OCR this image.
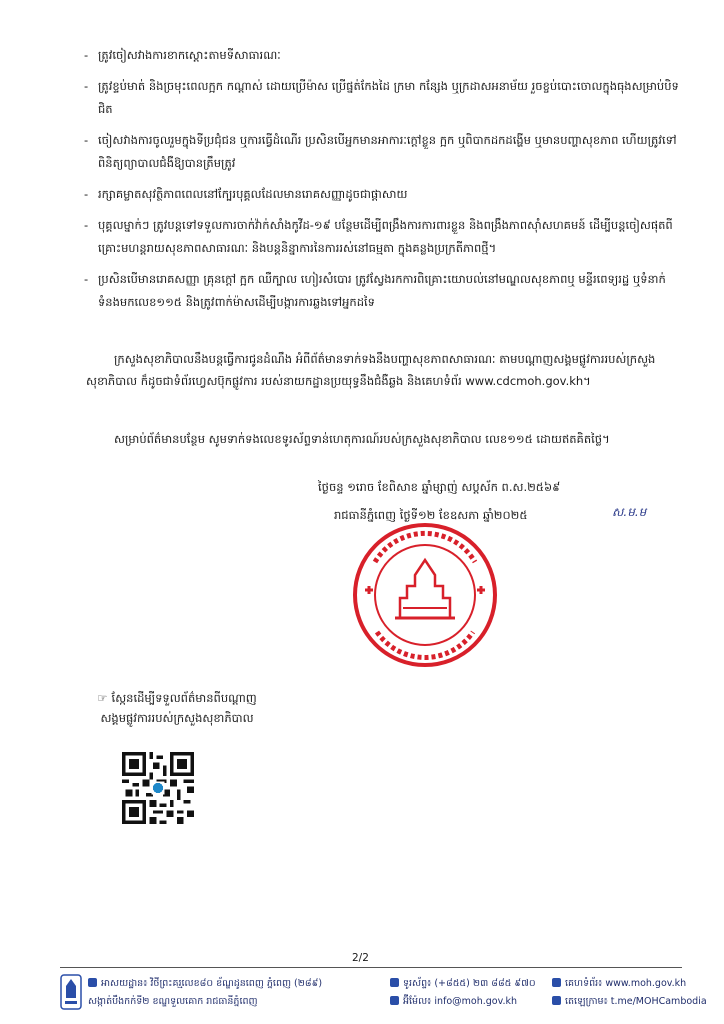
- ត្រូវចៀសវាងការខាកស្ដោះតាមទីសាធារណៈ
- ត្រូវខ្ទប់មាត់ និងច្រមុះពេលក្អក កណ្ដាស់ ដោយប្រើម៉ាស ប្រើផ្នត់កែងដៃ ក្រមា កន្សែង ឬក្រដាសអនាម័យ រួចខ្ចប់បោះចោលក្នុងធុងសម្រាប់បិទជិត
- ចៀសវាងការចូលរួមក្នុងទីប្រជុំជន ឬការធ្វើដំណើរ ប្រសិនបើអ្នកមានអាការៈក្ដៅខ្លួន ក្អក ឬពិបាកដកដង្ហើម ឬមានបញ្ហាសុខភាព ហើយត្រូវទៅពិនិត្យព្យាបាលជំងឺឱ្យបានត្រឹមត្រូវ
- រក្សាគម្លាតសុវត្ថិភាពពេលនៅក្បែរបុគ្គលដែលមានរោគសញ្ញាដូចជាផ្ដាសាយ
- បុគ្គលម្នាក់ៗ ត្រូវបន្តទៅទទួលការចាក់វ៉ាក់សាំងកូវីដ-១៩ បន្ថែមដើម្បីពង្រឹងការការពារខ្លួន និងពង្រឹងភាពស៊ាំសហគមន៍ ដើម្បីបន្តចៀសផុតពីគ្រោះមហន្តរាយសុខភាពសាធារណៈ និងបន្តនិន្នាការនៃការរស់នៅធម្មតា ក្នុងគន្លងប្រក្រតីភាពថ្មី។
- ប្រសិនបើមានរោគសញ្ញា គ្រុនក្ដៅ ក្អក ឈឺក្បាល ហៀរសំបោរ ត្រូវស្វែងរកការពិគ្រោះយោបល់នៅមណ្ឌលសុខភាពឬ មន្ទីរពេទ្យរដ្ឋ ឬទំនាក់ទំនងមកលេខ១១៥ និងត្រូវពាក់ម៉ាសដើម្បីបង្ការការឆ្លងទៅអ្នកដទៃ

ក្រសួងសុខាភិបាលនឹងបន្តធ្វើការជូនដំណឹង អំពីព័ត៌មានទាក់ទងនឹងបញ្ហាសុខភាពសាធារណៈ តាមបណ្ដាញសង្គមផ្លូវការរបស់ក្រសួងសុខាភិបាល ក៏ដូចជាទំព័រហ្វេសប៊ុកផ្លូវការ របស់នាយកដ្ឋានប្រយុទ្ធនឹងជំងឺឆ្លង និងគេហទំព័រ www.cdcmoh.gov.kh។

សម្រាប់ព័ត៌មានបន្ថែម សូមទាក់ទងលេខទូរស័ព្ទទាន់ហេតុការណ៍របស់ក្រសួងសុខាភិបាល លេខ១១៥ ដោយឥតគិតថ្លៃ។

ថ្ងៃចន្ទ ១រោច ខែពិសាខ ឆ្នាំម្សាញ់ សប្តស័ក ព.ស.២៥៦៩
រាជធានីភ្នំពេញ ថ្ងៃទី១២ ខែឧសភា ឆ្នាំ២០២៥	ស.ម.ម
☞ ស្កែនដើម្បីទទួលព័ត៌មានពីបណ្ដាញសង្គមផ្លូវការរបស់ក្រសួងសុខាភិបាល
2/2
អាសយដ្ឋាន៖ វិថីព្រះគរ្មលេខ៨០ ខ័ណ្ឌដូនពេញ ភ្នំពេញ (២៨៩)
សង្កាត់បឹងកក់ទី២ ខណ្ឌទួលគោក រាជធានីភ្នំពេញ
ទូរស័ព្ទ៖ (+៨៥៥) ២៣ ៨៨៥ ៩៧០
អ៊ីម៉ែល៖ info@moh.gov.kh
គេហទំព័រ៖ www.moh.gov.kh
តេឡេក្រាម៖ t.me/MOHCambodia
